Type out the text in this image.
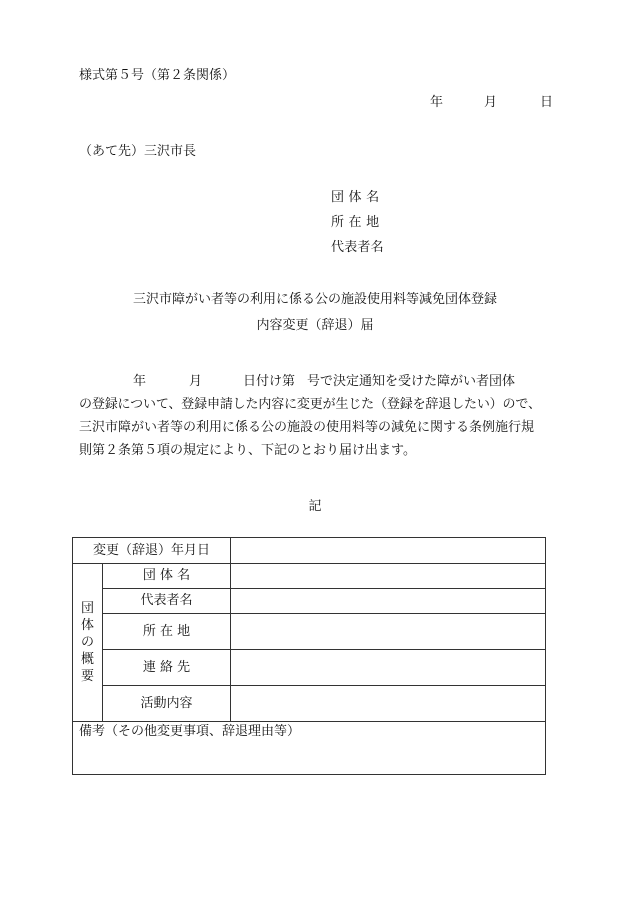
様式第５号（第２条関係）
年	月	日
（あて先）三沢市長
団 体 名
所 在 地
代表者名
三沢市障がい者等の利用に係る公の施設使用料等減免団体登録
内容変更（辞退）届
年	月	日付け第 号で決定通知を受けた障がい者団体
の登録について、登録申請した内容に変更が生じた（登録を辞退したい）ので、
三沢市障がい者等の利用に係る公の施設の使用料等の減免に関する条例施行規
則第２条第５項の規定により、下記のとおり届け出ます。
記
変更（辞退）年月日		
団体の概要	団 体 名	
	代表者名	
	所 在 地	
	連 絡 先	
	活動内容	
備考（その他変更事項、辞退理由等）		
